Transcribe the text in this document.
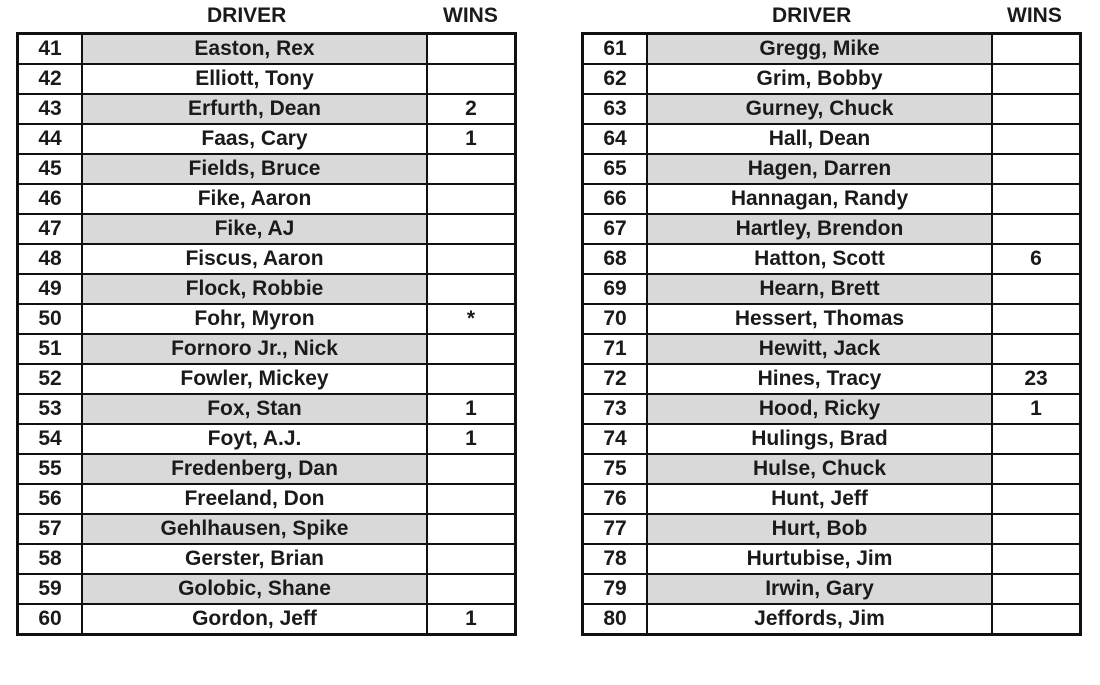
DRIVER	WINS
41	Easton, Rex	
42	Elliott, Tony	
43	Erfurth, Dean	2
44	Faas, Cary	1
45	Fields, Bruce	
46	Fike, Aaron	
47	Fike, AJ	
48	Fiscus, Aaron	
49	Flock, Robbie	
50	Fohr, Myron	*
51	Fornoro Jr., Nick	
52	Fowler, Mickey	
53	Fox, Stan	1
54	Foyt, A.J.	1
55	Fredenberg, Dan	
56	Freeland, Don	
57	Gehlhausen, Spike	
58	Gerster, Brian	
59	Golobic, Shane	
60	Gordon, Jeff	1
DRIVER	WINS
61	Gregg, Mike	
62	Grim, Bobby	
63	Gurney, Chuck	
64	Hall, Dean	
65	Hagen, Darren	
66	Hannagan, Randy	
67	Hartley, Brendon	
68	Hatton, Scott	6
69	Hearn, Brett	
70	Hessert, Thomas	
71	Hewitt, Jack	
72	Hines, Tracy	23
73	Hood, Ricky	1
74	Hulings, Brad	
75	Hulse, Chuck	
76	Hunt, Jeff	
77	Hurt, Bob	
78	Hurtubise, Jim	
79	Irwin, Gary	
80	Jeffords, Jim	
